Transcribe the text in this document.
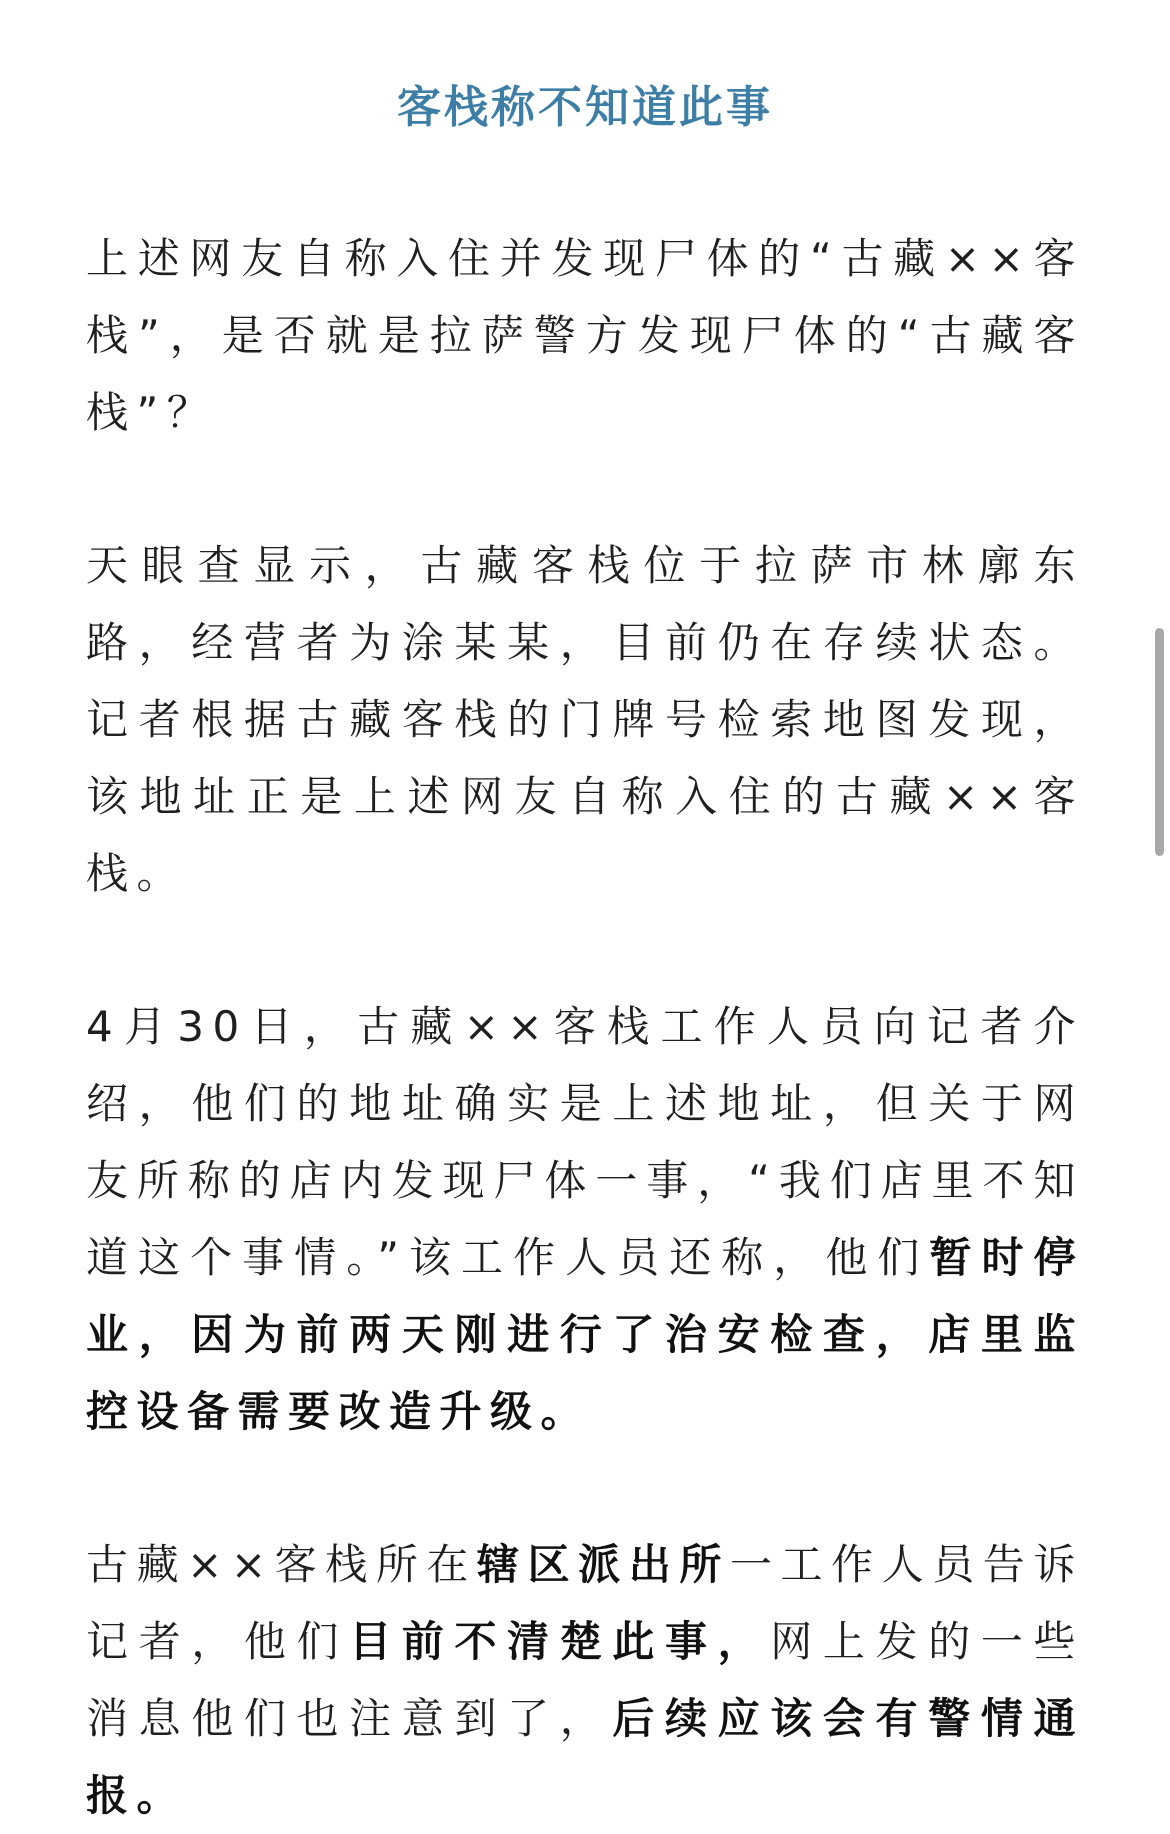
客栈称不知道此事

上述网友自称入住并发现尸体的“古藏××客栈”，是否就是拉萨警方发现尸体的“古藏客栈”？

天眼查显示，古藏客栈位于拉萨市林廓东路，经营者为涂某某，目前仍在存续状态。记者根据古藏客栈的门牌号检索地图发现，该地址正是上述网友自称入住的古藏××客栈。

4月30日，古藏××客栈工作人员向记者介绍，他们的地址确实是上述地址，但关于网友所称的店内发现尸体一事，“我们店里不知道这个事情。”该工作人员还称，他们暂时停业，因为前两天刚进行了治安检查，店里监控设备需要改造升级。

古藏××客栈所在辖区派出所一工作人员告诉记者，他们目前不清楚此事，网上发的一些消息他们也注意到了，后续应该会有警情通报。
